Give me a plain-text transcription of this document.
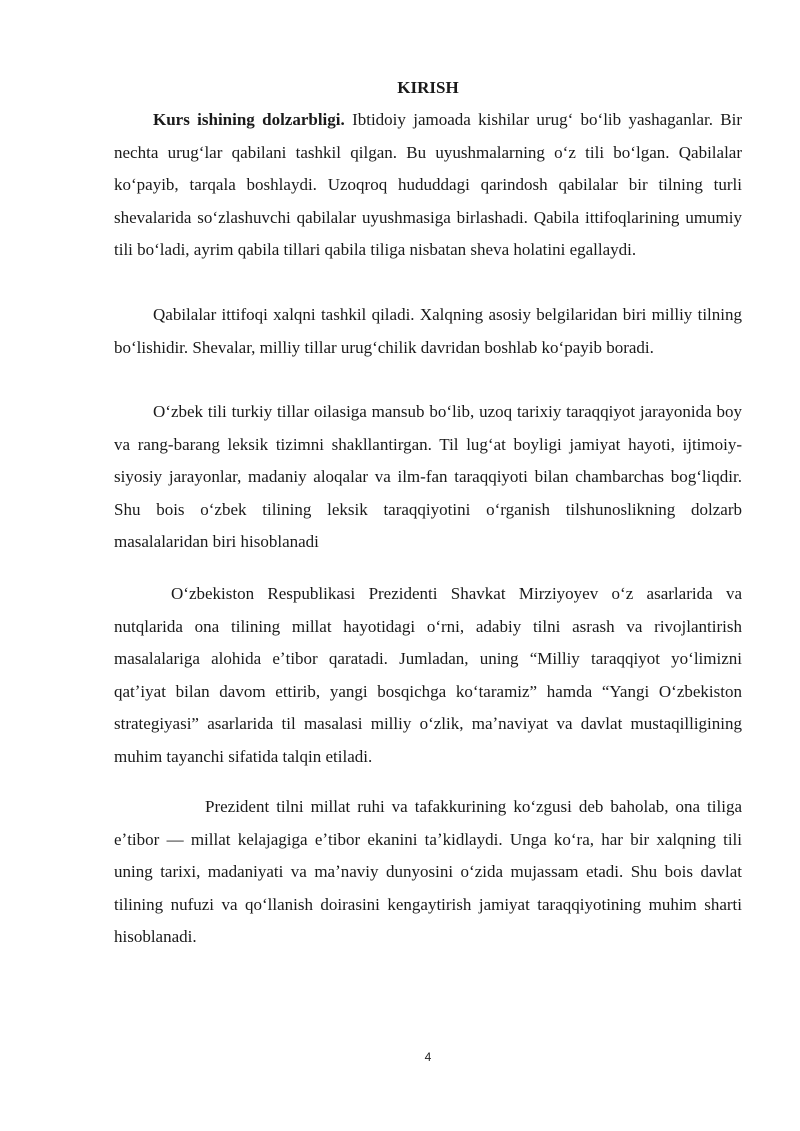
KIRISH

Kurs ishining dolzarbligi. Ibtidoiy jamoada kishilar urugʻ boʻlib yashaganlar. Bir nechta urugʻlar qabilani tashkil qilgan. Bu uyushmalarning oʻz tili boʻlgan. Qabilalar koʻpayib, tarqala boshlaydi. Uzoqroq hududdagi qarindosh qabilalar bir tilning turli shevalarida soʻzlashuvchi qabilalar uyushmasiga birlashadi. Qabila ittifoqlarining umumiy tili boʻladi, ayrim qabila tillari qabila tiliga nisbatan sheva holatini egallaydi.

Qabilalar ittifoqi xalqni tashkil qiladi. Xalqning asosiy belgilaridan biri milliy tilning boʻlishidir. Shevalar, milliy tillar urugʻchilik davridan boshlab koʻpayib boradi.

Oʻzbek tili turkiy tillar oilasiga mansub boʻlib, uzoq tarixiy taraqqiyot jarayonida boy va rang-barang leksik tizimni shakllantirgan. Til lugʻat boyligi jamiyat hayoti, ijtimoiy-siyosiy jarayonlar, madaniy aloqalar va ilm-fan taraqqiyoti bilan chambarchas bogʻliqdir. Shu bois oʻzbek tilining leksik taraqqiyotini oʻrganish tilshunoslikning dolzarb masalalaridan biri hisoblanadi

Oʻzbekiston Respublikasi Prezidenti Shavkat Mirziyoyev oʻz asarlarida va nutqlarida ona tilining millat hayotidagi oʻrni, adabiy tilni asrash va rivojlantirish masalalariga alohida eʼtibor qaratadi. Jumladan, uning “Milliy taraqqiyot yoʻlimizni qatʼiyat bilan davom ettirib, yangi bosqichga koʻtaramiz” hamda “Yangi Oʻzbekiston strategiyasi” asarlarida til masalasi milliy oʻzlik, maʼnaviyat va davlat mustaqilligining muhim tayanchi sifatida talqin etiladi.

Prezident tilni millat ruhi va tafakkurining koʻzgusi deb baholab, ona tiliga eʼtibor — millat kelajagiga eʼtibor ekanini taʼkidlaydi. Unga koʻra, har bir xalqning tili uning tarixi, madaniyati va maʼnaviy dunyosini oʻzida mujassam etadi. Shu bois davlat tilining nufuzi va qoʻllanish doirasini kengaytirish jamiyat taraqqiyotining muhim sharti hisoblanadi.

4
